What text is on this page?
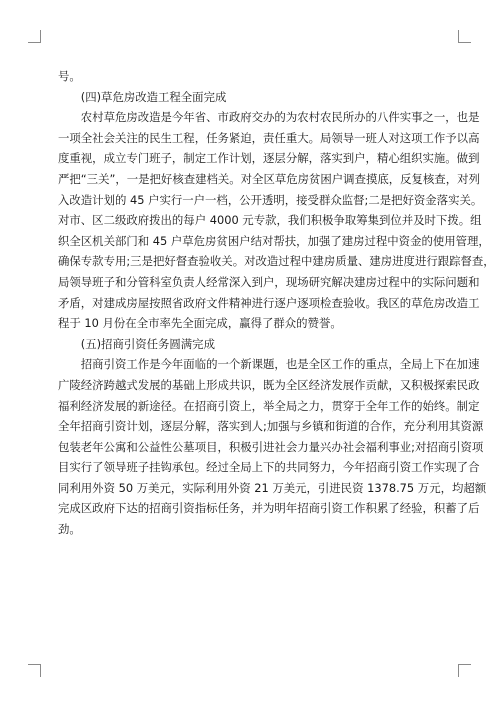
号。
　　(四)草危房改造工程全面完成
　　农村草危房改造是今年省、市政府交办的为农村农民所办的八件实事之一，也是
一项全社会关注的民生工程，任务紧迫，责任重大。局领导一班人对这项工作予以高
度重视，成立专门班子，制定工作计划，逐层分解，落实到户，精心组织实施。做到
严把“三关”，一是把好核查建档关。对全区草危房贫困户调查摸底，反复核查，对列
入改造计划的 45 户实行一户一档，公开透明，接受群众监督;二是把好资金落实关。
对市、区二级政府拨出的每户 4000 元专款，我们积极争取筹集到位并及时下拨。组
织全区机关部门和 45 户草危房贫困户结对帮扶，加强了建房过程中资金的使用管理，
确保专款专用;三是把好督查验收关。对改造过程中建房质量、建房进度进行跟踪督查，
局领导班子和分管科室负责人经常深入到户，现场研究解决建房过程中的实际问题和
矛盾，对建成房屋按照省政府文件精神进行逐户逐项检查验收。我区的草危房改造工
程于 10 月份在全市率先全面完成，赢得了群众的赞誉。
　　(五)招商引资任务圆满完成
　　招商引资工作是今年面临的一个新课题，也是全区工作的重点，全局上下在加速
广陵经济跨越式发展的基础上形成共识，既为全区经济发展作贡献，又积极探索民政
福利经济发展的新途径。在招商引资上，举全局之力，贯穿于全年工作的始终。制定
全年招商引资计划，逐层分解，落实到人;加强与乡镇和街道的合作，充分利用其资源
包装老年公寓和公益性公墓项目，积极引进社会力量兴办社会福利事业;对招商引资项
目实行了领导班子挂钩承包。经过全局上下的共同努力，今年招商引资工作实现了合
同利用外资 50 万美元，实际利用外资 21 万美元，引进民资 1378.75 万元，均超额
完成区政府下达的招商引资指标任务，并为明年招商引资工作积累了经验，积蓄了后
劲。
